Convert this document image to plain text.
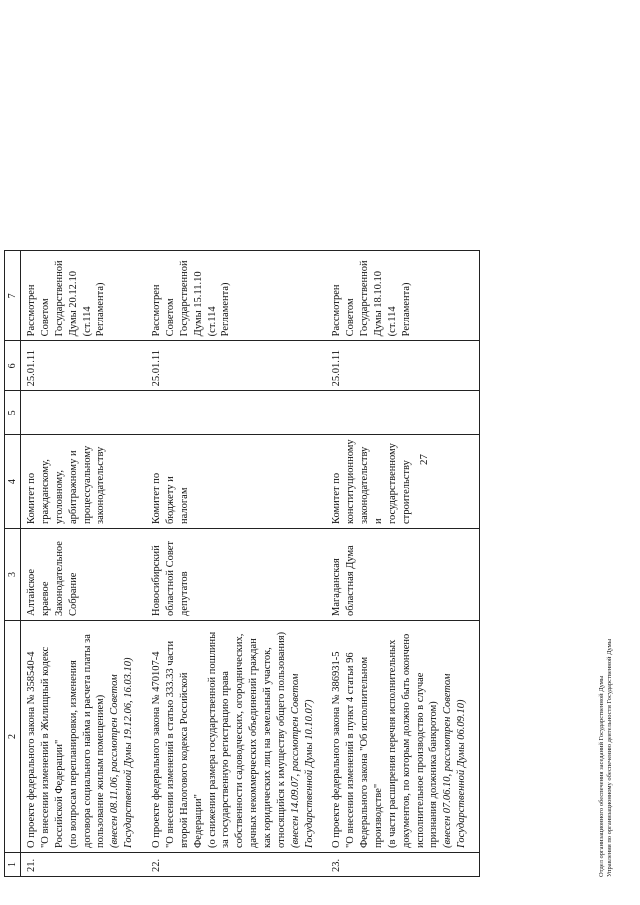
27
1	2	3	4	5	6	7
21.	О проекте федерального закона № 358540-4 "О внесении изменений в Жилищный кодекс Российской Федерации" (по вопросам перепланировки, изменения договора социального найма и расчета платы за пользование жилым помещением) (внесен 08.11.06, рассмотрен Советом Государственной Думы 19.12.06, 16.03.10)	Алтайское краевое Законодательное Собрание	Комитет по гражданскому, уголовному, арбитражному и процессуальному законодательству		25.01.11	Рассмотрен Советом Государственной Думы 20.12.10 (ст.114 Регламента)
22.	О проекте федерального закона № 470107-4 "О внесении изменений в статью 333.33 части второй Налогового кодекса Российской Федерации" (о снижении размера государственной пошлины за государственную регистрацию права собственности садоводческих, огороднических, дачных некоммерческих объединений граждан как юридических лиц на земельный участок, относящийся к имуществу общего пользования) (внесен 14.09.07, рассмотрен Советом Государственной Думы 10.10.07)	Новосибирский областной Совет депутатов	Комитет по бюджету и налогам		25.01.11	Рассмотрен Советом Государственной Думы 15.11.10 (ст.114 Регламента)
23.	О проекте федерального закона № 386931-5 "О внесении изменений в пункт 4 статьи 96 Федерального закона "Об исполнительном производстве" (в части расширения перечня исполнительных документов, по которым должно быть окончено исполнительное производство в случае признания должника банкротом) (внесен 07.06.10, рассмотрен Советом Государственной Думы 06.09.10)	Магаданская областная Дума	Комитет по конституционному законодательству и государственному строительству		25.01.11	Рассмотрен Советом Государственной Думы 18.10.10 (ст.114 Регламента)
Отдел организационного обеспечения заседаний Государственной Думы Управления по организационному обеспечению деятельности Государственной Думы
